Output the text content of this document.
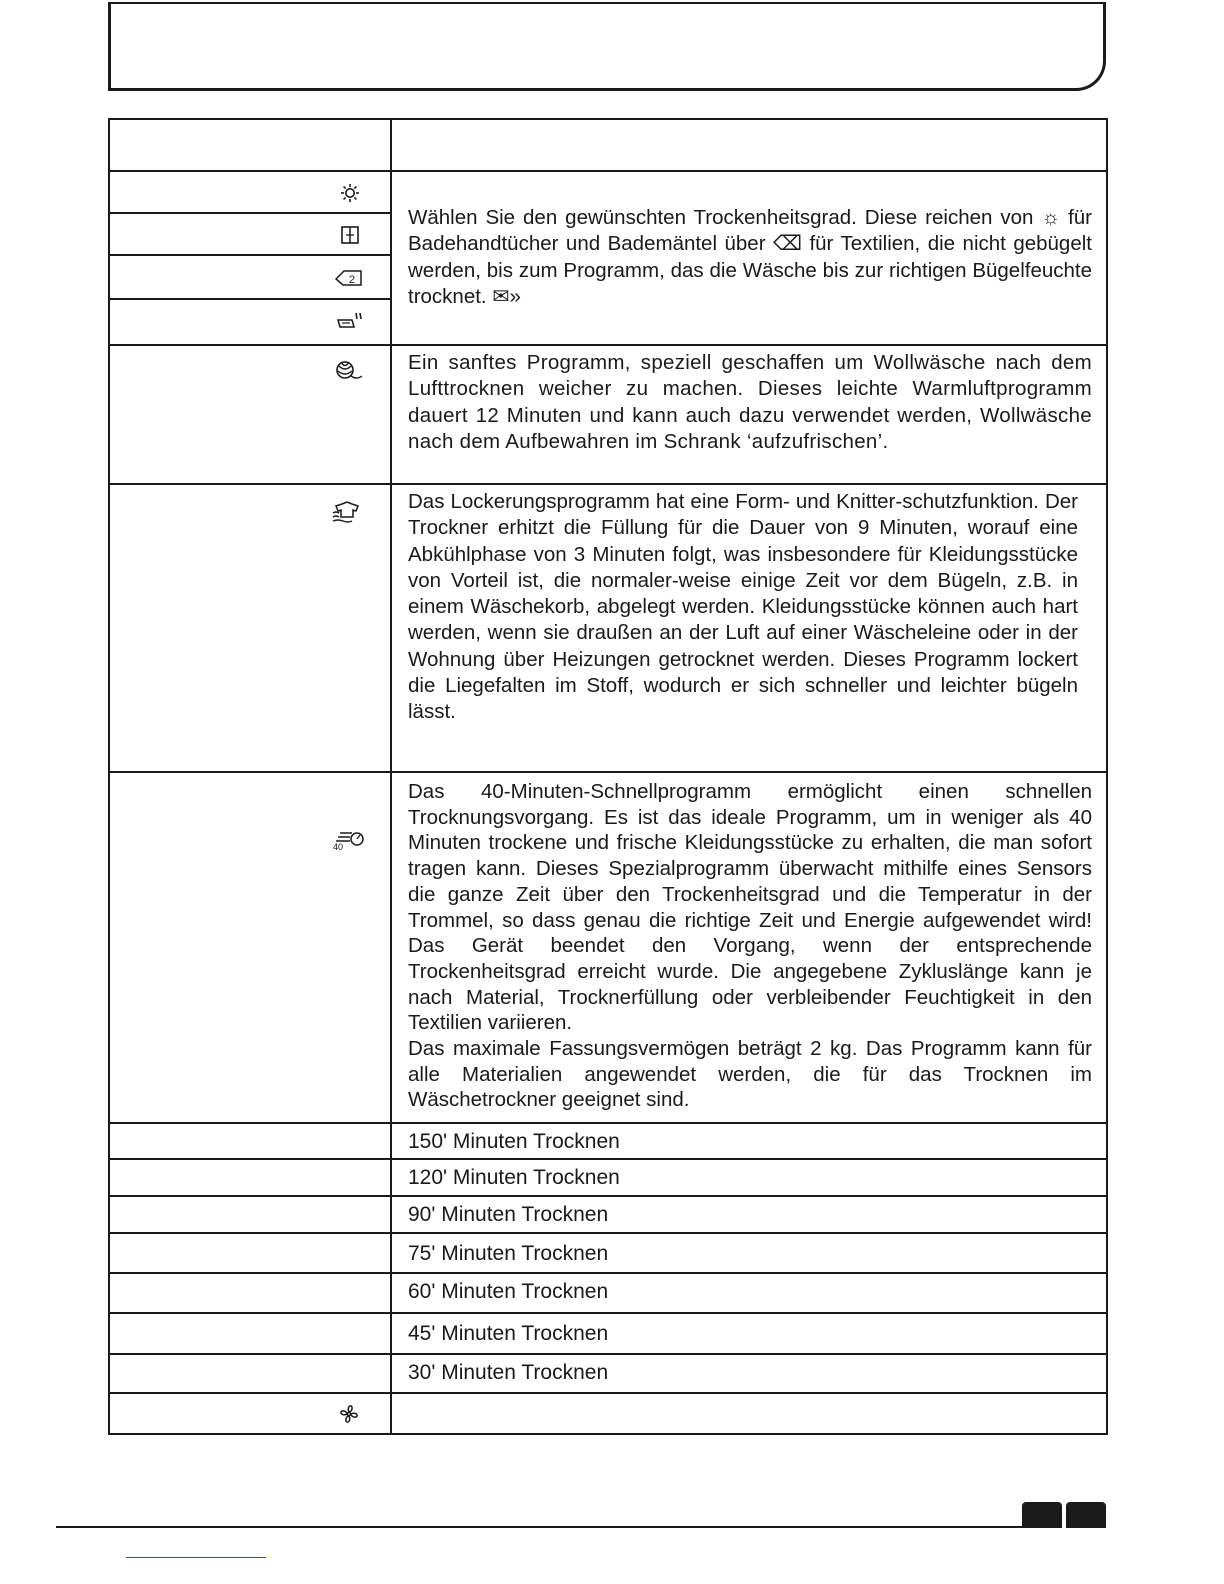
Wählen Sie den gewünschten Trockenheitsgrad. Diese reichen von ☼ für Badehandtücher und Bademäntel über ⌫ für Textilien, die nicht gebügelt werden, bis zum Programm, das die Wäsche bis zur richtigen Bügelfeuchte trocknet. ✉»

2	

Ein sanftes Programm, speziell geschaffen um Wollwäsche nach dem Lufttrocknen weicher zu machen. Dieses leichte Warmluftprogramm dauert 12 Minuten und kann auch dazu verwendet werden, Wollwäsche nach dem Aufbewahren im Schrank ‘aufzufrischen’.

Das Lockerungsprogramm hat eine Form- und Knitter-schutzfunktion. Der Trockner erhitzt die Füllung für die Dauer von 9 Minuten, worauf eine Abkühlphase von 3 Minuten folgt, was insbesondere für Kleidungsstücke von Vorteil ist, die normaler-weise einige Zeit vor dem Bügeln, z.B. in einem Wäschekorb, abgelegt werden. Kleidungsstücke können auch hart werden, wenn sie draußen an der Luft auf einer Wäscheleine oder in der Wohnung über Heizungen getrocknet werden. Dieses Programm lockert die Liegefalten im Stoff, wodurch er sich schneller und leichter bügeln lässt.

40	Das 40-Minuten-Schnellprogramm ermöglicht einen schnellen Trocknungsvorgang. Es ist das ideale Programm, um in weniger als 40 Minuten trockene und frische Kleidungsstücke zu erhalten, die man sofort tragen kann. Dieses Spezialprogramm überwacht mithilfe eines Sensors die ganze Zeit über den Trockenheitsgrad und die Temperatur in der Trommel, so dass genau die richtige Zeit und Energie aufgewendet wird! Das Gerät beendet den Vorgang, wenn der entsprechende Trockenheitsgrad erreicht wurde. Die angegebene Zykluslänge kann je nach Material, Trocknerfüllung oder verbleibender Feuchtigkeit in den Textilien variieren.

Das maximale Fassungsvermögen beträgt 2 kg. Das Programm kann für alle Materialien angewendet werden, die für das Trocknen im Wäschetrockner geeignet sind.

	150' Minuten Trocknen

	120' Minuten Trocknen

	90' Minuten Trocknen

	75' Minuten Trocknen

	60' Minuten Trocknen

	45' Minuten Trocknen

	30' Minuten Trocknen
